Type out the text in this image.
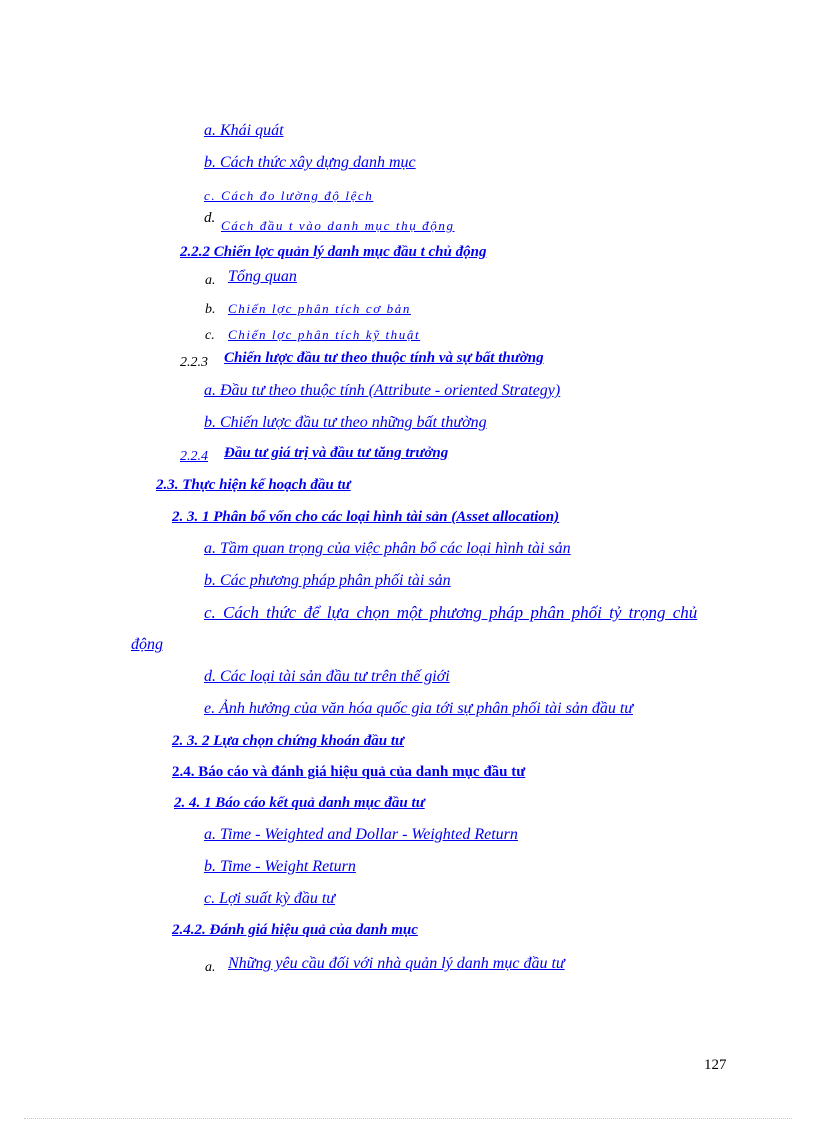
a. Khái quát
b. Cách thức xây dựng danh mục
c. Cách đo lường độ lệch
d. Cách đầu t vào danh mục thụ động
2.2.2 Chiến lợc quản lý danh mục đầu t chủ động
a. Tổng quan
b. Chiến lợc phân tích cơ bản
c. Chiến lợc phân tích kỹ thuật
2.2.3 Chiến lược đầu tư theo thuộc tính và sự bất thường
a. Đầu tư theo thuộc tính (Attribute - oriented Strategy)
b. Chiến lược đầu tư theo những bất thường
2.2.4 Đầu tư giá trị và đầu tư tăng trưởng
2.3. Thực hiện kế hoạch đầu tư
2. 3. 1 Phân bổ vốn cho các loại hình tài sản (Asset allocation)
a. Tầm quan trọng của việc phân bổ các loại hình tài sản
b. Các phương pháp phân phối tài sản
c. Cách thức để lựa chọn một phương pháp phân phối tỷ trọng chủ
động
d. Các loại tài sản đầu tư trên thế giới
e. Ảnh hưởng của văn hóa quốc gia tới sự phân phối tài sản đầu tư
2. 3. 2 Lựa chọn chứng khoán đầu tư
2.4. Báo cáo và đánh giá hiệu quả của danh mục đầu tư
2. 4. 1 Báo cáo kết quả danh mục đầu tư
a. Time - Weighted and Dollar - Weighted Return
b. Time - Weight Return
c. Lợi suất kỳ đầu tư
2.4.2. Đánh giá hiệu quả của danh mục
a. Những yêu cầu đối với nhà quản lý danh mục đầu tư
127
